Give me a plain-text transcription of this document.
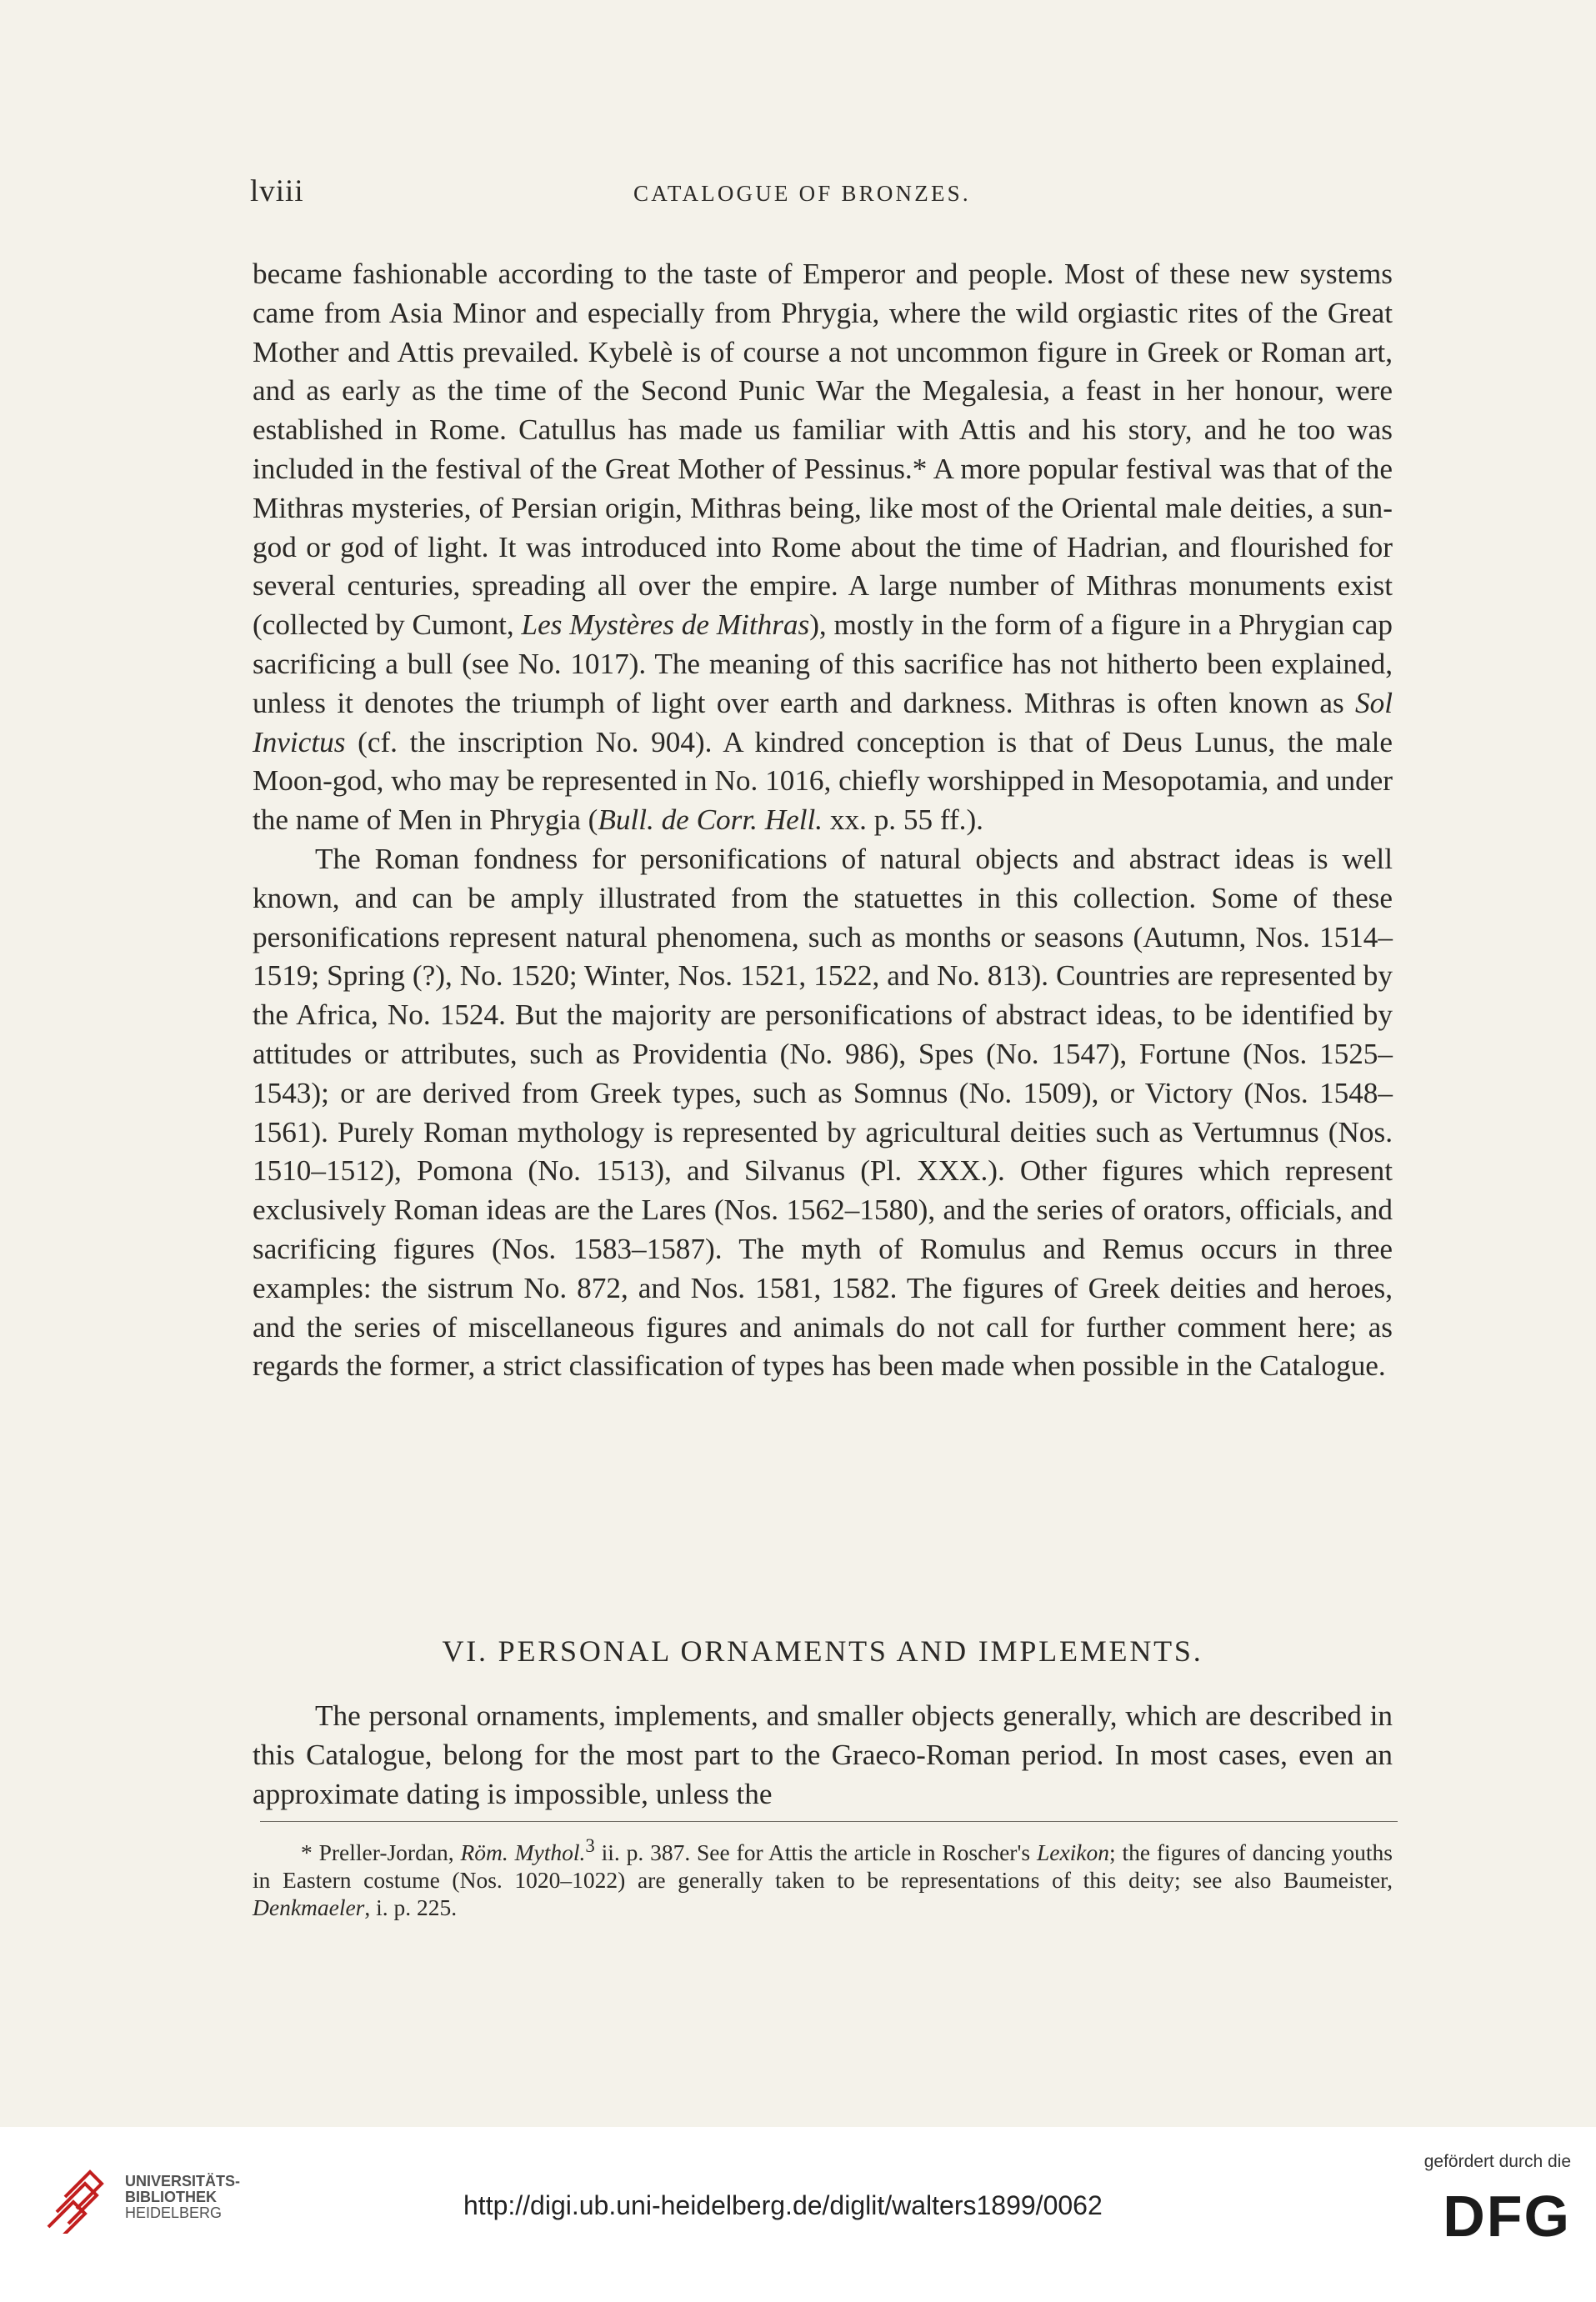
lviii	CATALOGUE OF BRONZES.

became fashionable according to the taste of Emperor and people. Most of these new systems came from Asia Minor and especially from Phrygia, where the wild orgiastic rites of the Great Mother and Attis prevailed. Kybelè is of course a not uncommon figure in Greek or Roman art, and as early as the time of the Second Punic War the Megalesia, a feast in her honour, were established in Rome. Catullus has made us familiar with Attis and his story, and he too was included in the festival of the Great Mother of Pessinus.* A more popular festival was that of the Mithras mysteries, of Persian origin, Mithras being, like most of the Oriental male deities, a sun-god or god of light. It was introduced into Rome about the time of Hadrian, and flourished for several centuries, spreading all over the empire. A large number of Mithras monuments exist (collected by Cumont, Les Mystères de Mithras), mostly in the form of a figure in a Phrygian cap sacrificing a bull (see No. 1017). The meaning of this sacrifice has not hitherto been explained, unless it denotes the triumph of light over earth and darkness. Mithras is often known as Sol Invictus (cf. the inscription No. 904). A kindred conception is that of Deus Lunus, the male Moon-god, who may be represented in No. 1016, chiefly worshipped in Mesopotamia, and under the name of Men in Phrygia (Bull. de Corr. Hell. xx. p. 55 ff.).

The Roman fondness for personifications of natural objects and abstract ideas is well known, and can be amply illustrated from the statuettes in this collection. Some of these personifications represent natural phenomena, such as months or seasons (Autumn, Nos. 1514–1519; Spring (?), No. 1520; Winter, Nos. 1521, 1522, and No. 813). Countries are represented by the Africa, No. 1524. But the majority are personifications of abstract ideas, to be identified by attitudes or attributes, such as Providentia (No. 986), Spes (No. 1547), Fortune (Nos. 1525–1543); or are derived from Greek types, such as Somnus (No. 1509), or Victory (Nos. 1548–1561). Purely Roman mythology is represented by agricultural deities such as Vertumnus (Nos. 1510–1512), Pomona (No. 1513), and Silvanus (Pl. XXX.). Other figures which represent exclusively Roman ideas are the Lares (Nos. 1562–1580), and the series of orators, officials, and sacrificing figures (Nos. 1583–1587). The myth of Romulus and Remus occurs in three examples: the sistrum No. 872, and Nos. 1581, 1582. The figures of Greek deities and heroes, and the series of miscellaneous figures and animals do not call for further comment here; as regards the former, a strict classification of types has been made when possible in the Catalogue.

VI. PERSONAL ORNAMENTS AND IMPLEMENTS.

The personal ornaments, implements, and smaller objects generally, which are described in this Catalogue, belong for the most part to the Graeco-Roman period. In most cases, even an approximate dating is impossible, unless the

* Preller-Jordan, Röm. Mythol.$^3$ ii. p. 387. See for Attis the article in Roscher's Lexikon; the figures of dancing youths in Eastern costume (Nos. 1020–1022) are generally taken to be representations of this deity; see also Baumeister, Denkmaeler, i. p. 225.
UNIVERSITÄTS-
BIBLIOTHEK
HEIDELBERG	http://digi.ub.uni-heidelberg.de/diglit/walters1899/0062
gefördert durch die
DFG
